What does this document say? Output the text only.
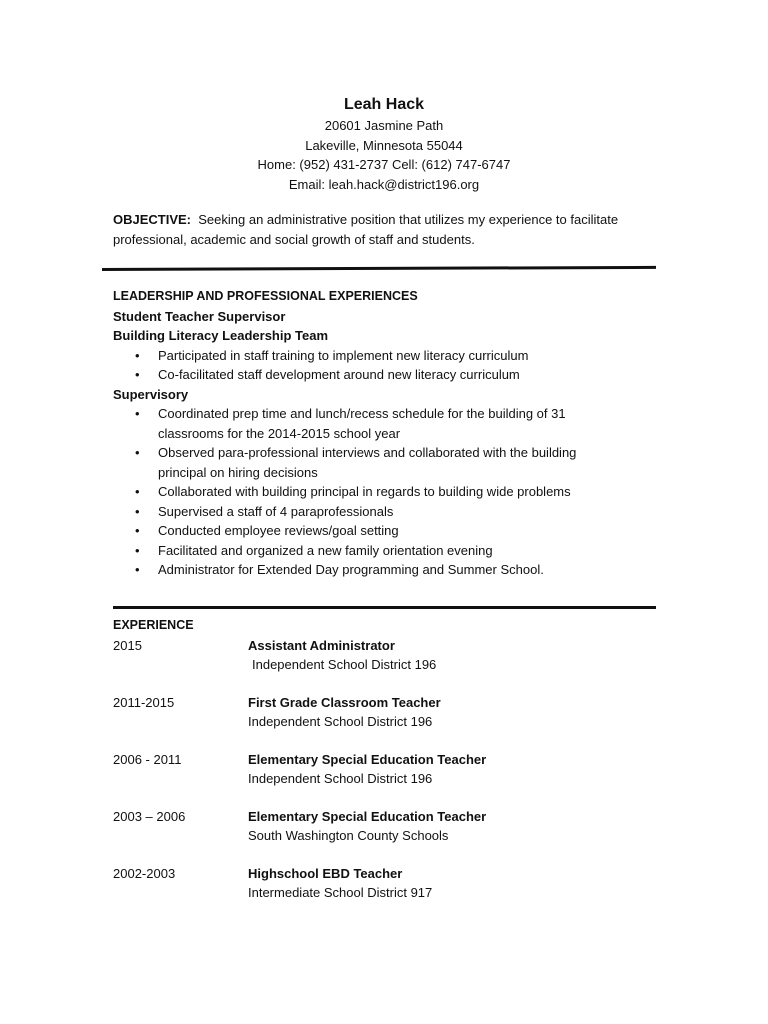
Leah Hack
20601 Jasmine Path
Lakeville, Minnesota 55044
Home: (952) 431-2737 Cell: (612) 747-6747
Email: leah.hack@district196.org
OBJECTIVE: Seeking an administrative position that utilizes my experience to facilitate professional, academic and social growth of staff and students.
LEADERSHIP AND PROFESSIONAL EXPERIENCES
Student Teacher Supervisor
Building Literacy Leadership Team
• Participated in staff training to implement new literacy curriculum
• Co-facilitated staff development around new literacy curriculum
Supervisory
• Coordinated prep time and lunch/recess schedule for the building of 31 classrooms for the 2014-2015 school year
• Observed para-professional interviews and collaborated with the building principal on hiring decisions
• Collaborated with building principal in regards to building wide problems
• Supervised a staff of 4 paraprofessionals
• Conducted employee reviews/goal setting
• Facilitated and organized a new family orientation evening
• Administrator for Extended Day programming and Summer School.
EXPERIENCE
2015	Assistant Administrator
Independent School District 196
2011-2015	First Grade Classroom Teacher
Independent School District 196
2006 - 2011	Elementary Special Education Teacher
Independent School District 196
2003 – 2006	Elementary Special Education Teacher
South Washington County Schools
2002-2003	Highschool EBD Teacher
Intermediate School District 917
